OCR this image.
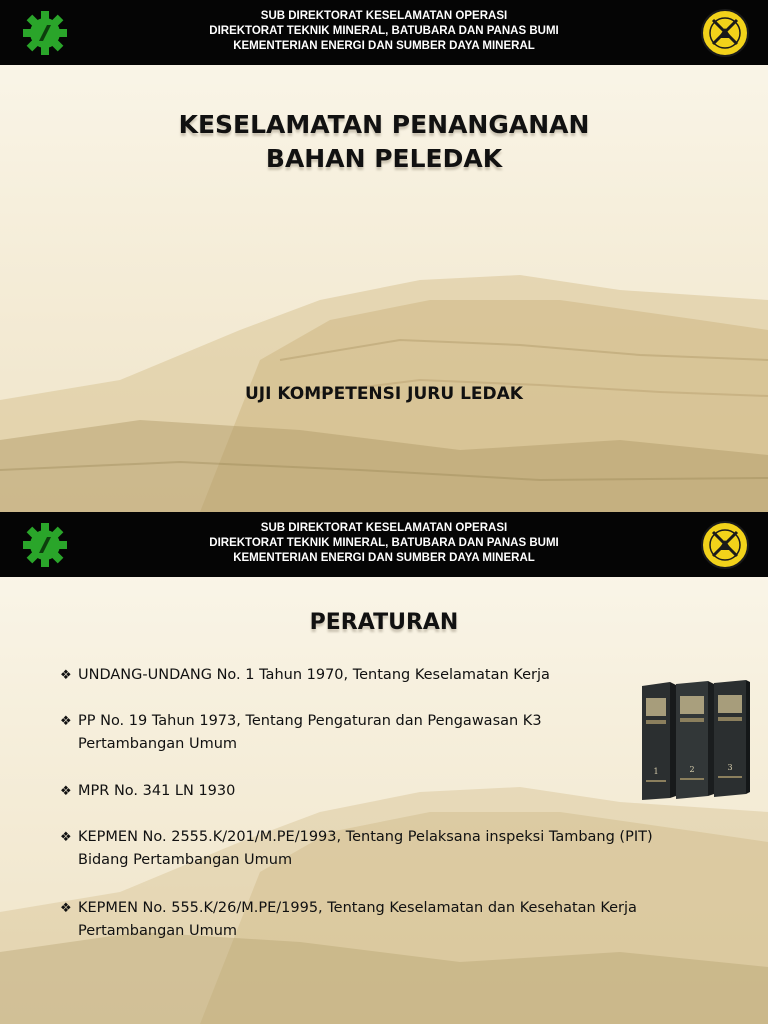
SUB DIREKTORAT KESELAMATAN OPERASI
DIREKTORAT TEKNIK MINERAL, BATUBARA DAN PANAS BUMI
KEMENTERIAN ENERGI DAN SUMBER DAYA MINERAL
KESELAMATAN PENANGANAN
BAHAN PELEDAK
UJI KOMPETENSI JURU LEDAK
SUB DIREKTORAT KESELAMATAN OPERASI
DIREKTORAT TEKNIK MINERAL, BATUBARA DAN PANAS BUMI
KEMENTERIAN ENERGI DAN SUMBER DAYA MINERAL
PERATURAN
❖ UNDANG-UNDANG No. 1 Tahun 1970, Tentang Keselamatan Kerja
❖ PP No. 19 Tahun 1973, Tentang Pengaturan dan Pengawasan K3
Pertambangan Umum
❖ MPR No. 341 LN 1930
❖ KEPMEN No. 2555.K/201/M.PE/1993, Tentang Pelaksana inspeksi Tambang (PIT)
Bidang Pertambangan Umum
❖ KEPMEN No. 555.K/26/M.PE/1995, Tentang Keselamatan dan Kesehatan Kerja
Pertambangan Umum
1	2	3
